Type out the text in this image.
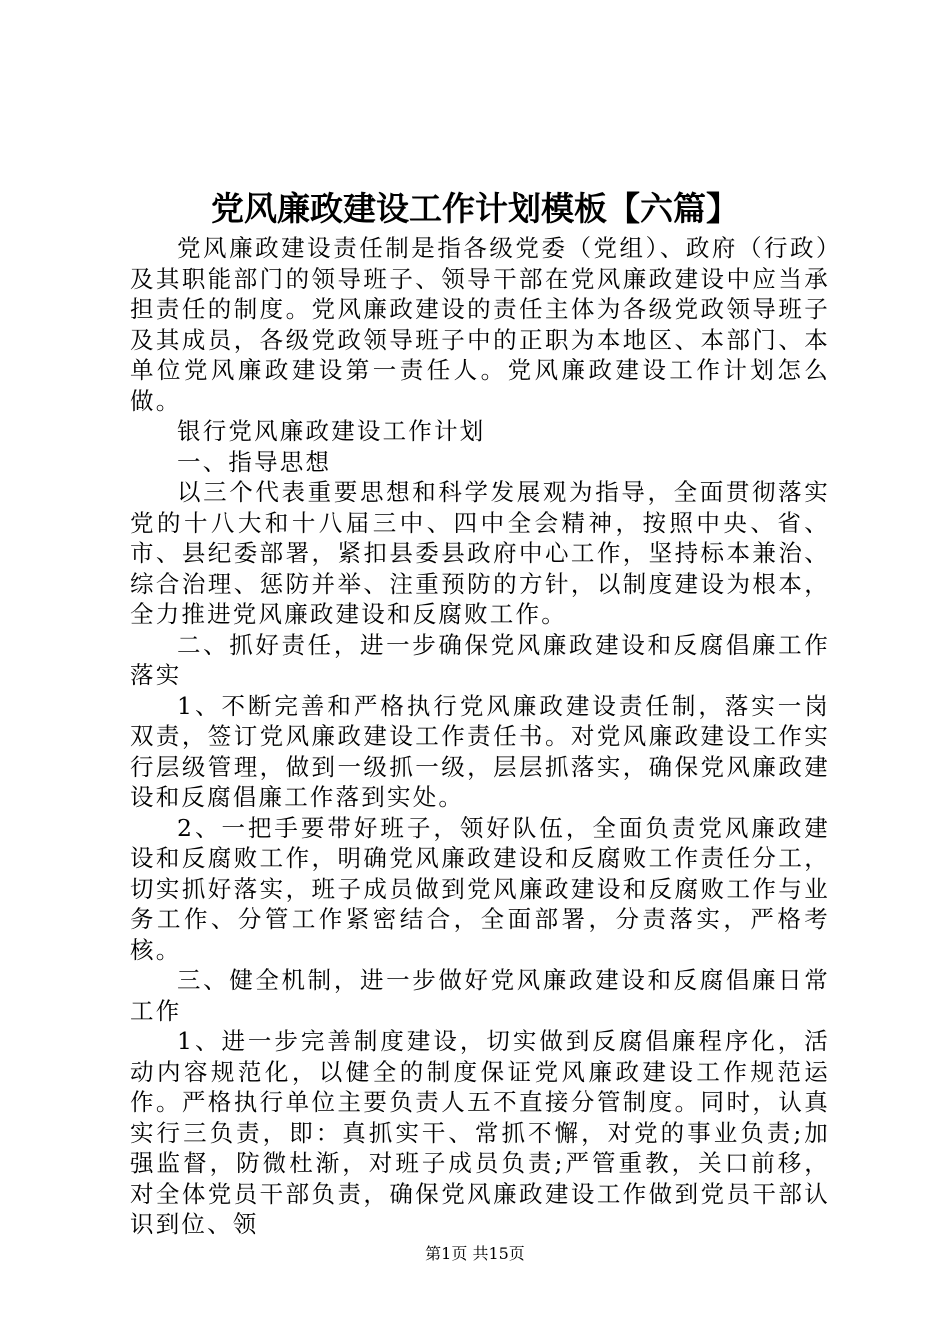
党风廉政建设工作计划模板【六篇】

党风廉政建设责任制是指各级党委（党组）、政府（行政）及其职能部门的领导班子、领导干部在党风廉政建设中应当承担责任的制度。党风廉政建设的责任主体为各级党政领导班子及其成员，各级党政领导班子中的正职为本地区、本部门、本单位党风廉政建设第一责任人。党风廉政建设工作计划怎么做。

银行党风廉政建设工作计划

一、指导思想

以三个代表重要思想和科学发展观为指导，全面贯彻落实党的十八大和十八届三中、四中全会精神，按照中央、省、市、县纪委部署，紧扣县委县政府中心工作，坚持标本兼治、综合治理、惩防并举、注重预防的方针，以制度建设为根本，全力推进党风廉政建设和反腐败工作。

二、抓好责任，进一步确保党风廉政建设和反腐倡廉工作落实

1、不断完善和严格执行党风廉政建设责任制，落实一岗双责，签订党风廉政建设工作责任书。对党风廉政建设工作实行层级管理，做到一级抓一级，层层抓落实，确保党风廉政建设和反腐倡廉工作落到实处。

2、一把手要带好班子，领好队伍，全面负责党风廉政建设和反腐败工作，明确党风廉政建设和反腐败工作责任分工，切实抓好落实，班子成员做到党风廉政建设和反腐败工作与业务工作、分管工作紧密结合，全面部署，分责落实，严格考核。

三、健全机制，进一步做好党风廉政建设和反腐倡廉日常工作

1、进一步完善制度建设，切实做到反腐倡廉程序化，活动内容规范化，以健全的制度保证党风廉政建设工作规范运作。严格执行单位主要负责人五不直接分管制度。同时，认真实行三负责，即：真抓实干、常抓不懈，对党的事业负责;加强监督，防微杜渐，对班子成员负责;严管重教，关口前移，对全体党员干部负责，确保党风廉政建设工作做到党员干部认识到位、领

第1页 共15页
